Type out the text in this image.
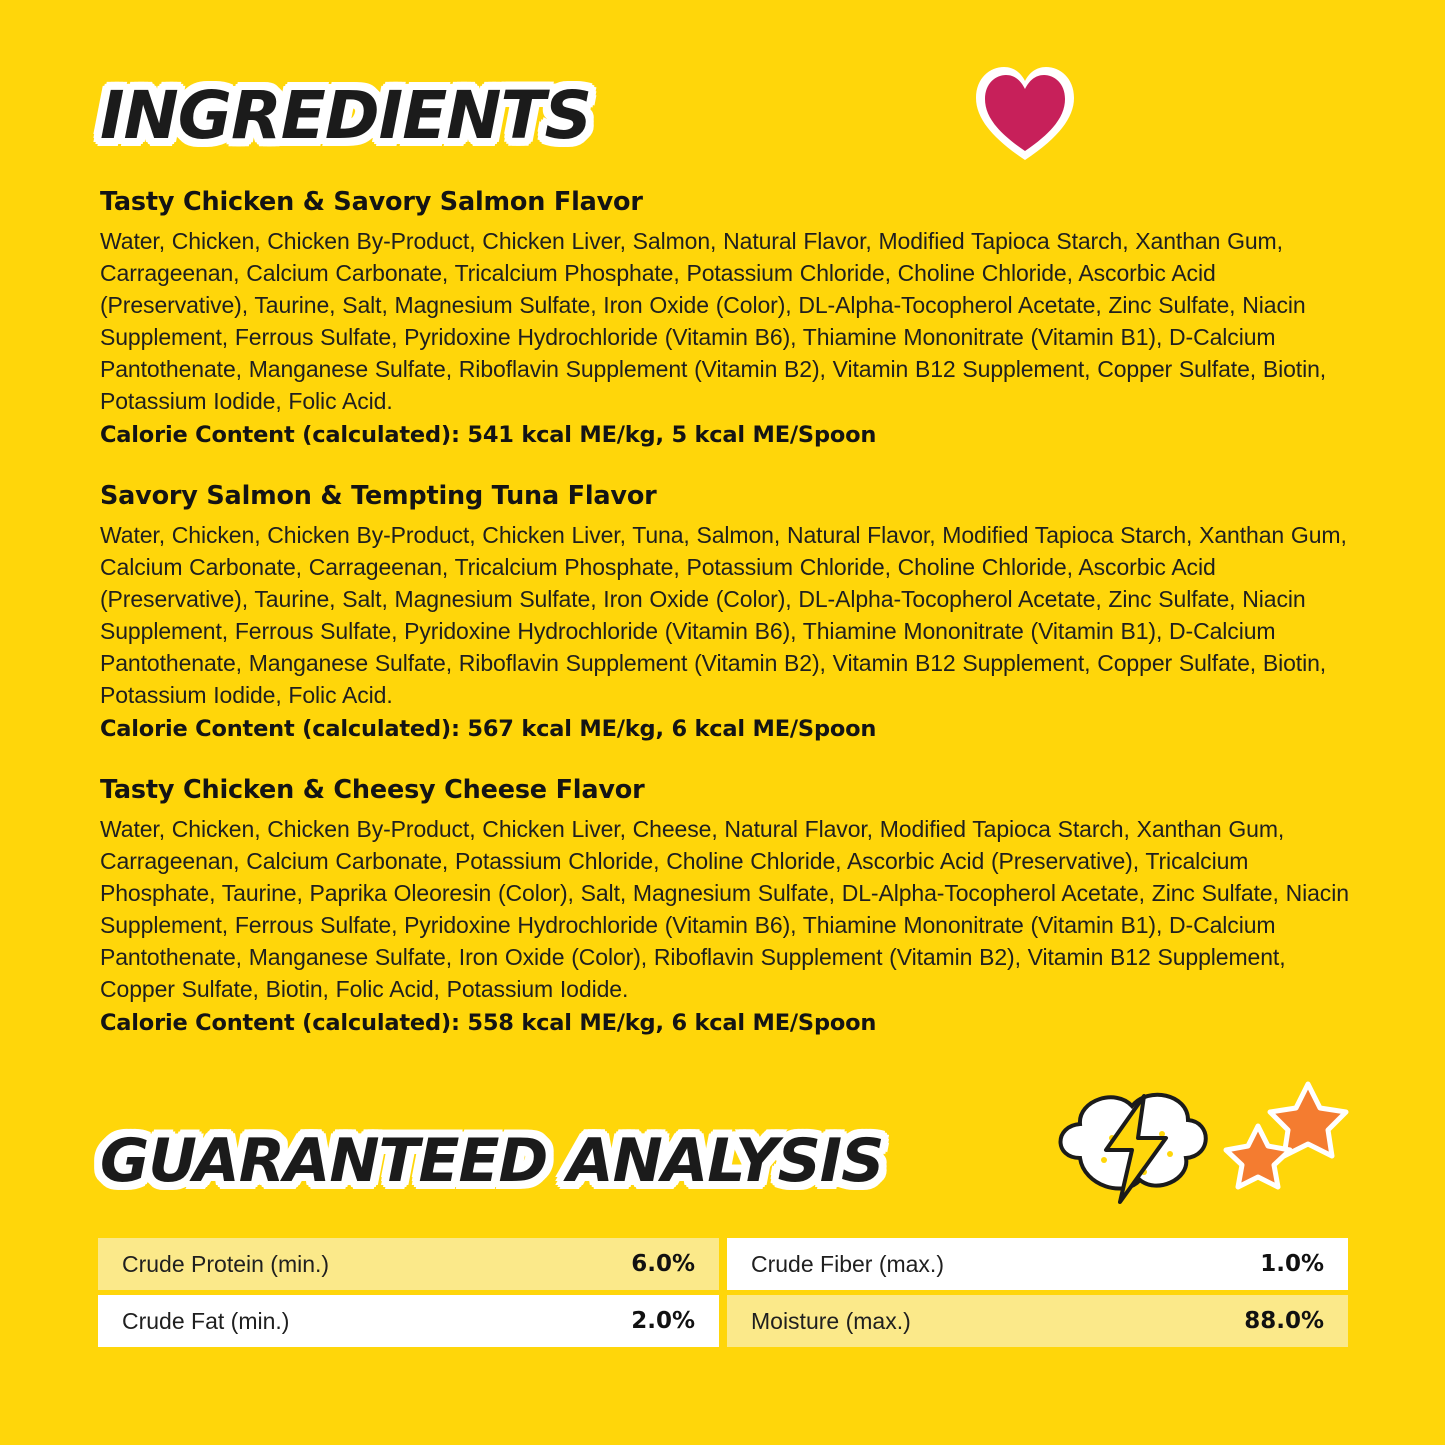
INGREDIENTS

Tasty Chicken & Savory Salmon Flavor

Water, Chicken, Chicken By-Product, Chicken Liver, Salmon, Natural Flavor, Modified Tapioca Starch, Xanthan Gum, Carrageenan, Calcium Carbonate, Tricalcium Phosphate, Potassium Chloride, Choline Chloride, Ascorbic Acid (Preservative), Taurine, Salt, Magnesium Sulfate, Iron Oxide (Color), DL-Alpha-Tocopherol Acetate, Zinc Sulfate, Niacin Supplement, Ferrous Sulfate, Pyridoxine Hydrochloride (Vitamin B6), Thiamine Mononitrate (Vitamin B1), D-Calcium Pantothenate, Manganese Sulfate, Riboflavin Supplement (Vitamin B2), Vitamin B12 Supplement, Copper Sulfate, Biotin, Potassium Iodide, Folic Acid.

Calorie Content (calculated): 541 kcal ME/kg, 5 kcal ME/Spoon

Savory Salmon & Tempting Tuna Flavor

Water, Chicken, Chicken By-Product, Chicken Liver, Tuna, Salmon, Natural Flavor, Modified Tapioca Starch, Xanthan Gum, Calcium Carbonate, Carrageenan, Tricalcium Phosphate, Potassium Chloride, Choline Chloride, Ascorbic Acid (Preservative), Taurine, Salt, Magnesium Sulfate, Iron Oxide (Color), DL-Alpha-Tocopherol Acetate, Zinc Sulfate, Niacin Supplement, Ferrous Sulfate, Pyridoxine Hydrochloride (Vitamin B6), Thiamine Mononitrate (Vitamin B1), D-Calcium Pantothenate, Manganese Sulfate, Riboflavin Supplement (Vitamin B2), Vitamin B12 Supplement, Copper Sulfate, Biotin, Potassium Iodide, Folic Acid.

Calorie Content (calculated): 567 kcal ME/kg, 6 kcal ME/Spoon

Tasty Chicken & Cheesy Cheese Flavor

Water, Chicken, Chicken By-Product, Chicken Liver, Cheese, Natural Flavor, Modified Tapioca Starch, Xanthan Gum, Carrageenan, Calcium Carbonate, Potassium Chloride, Choline Chloride, Ascorbic Acid (Preservative), Tricalcium Phosphate, Taurine, Paprika Oleoresin (Color), Salt, Magnesium Sulfate, DL-Alpha-Tocopherol Acetate, Zinc Sulfate, Niacin Supplement, Ferrous Sulfate, Pyridoxine Hydrochloride (Vitamin B6), Thiamine Mononitrate (Vitamin B1), D-Calcium Pantothenate, Manganese Sulfate, Iron Oxide (Color), Riboflavin Supplement (Vitamin B2), Vitamin B12 Supplement, Copper Sulfate, Biotin, Folic Acid, Potassium Iodide.

Calorie Content (calculated): 558 kcal ME/kg, 6 kcal ME/Spoon

GUARANTEED ANALYSIS
Crude Protein (min.)	6.0% Crude Fiber (max.)	1.0%
Crude Fat (min.)	2.0% Moisture (max.)	88.0%
